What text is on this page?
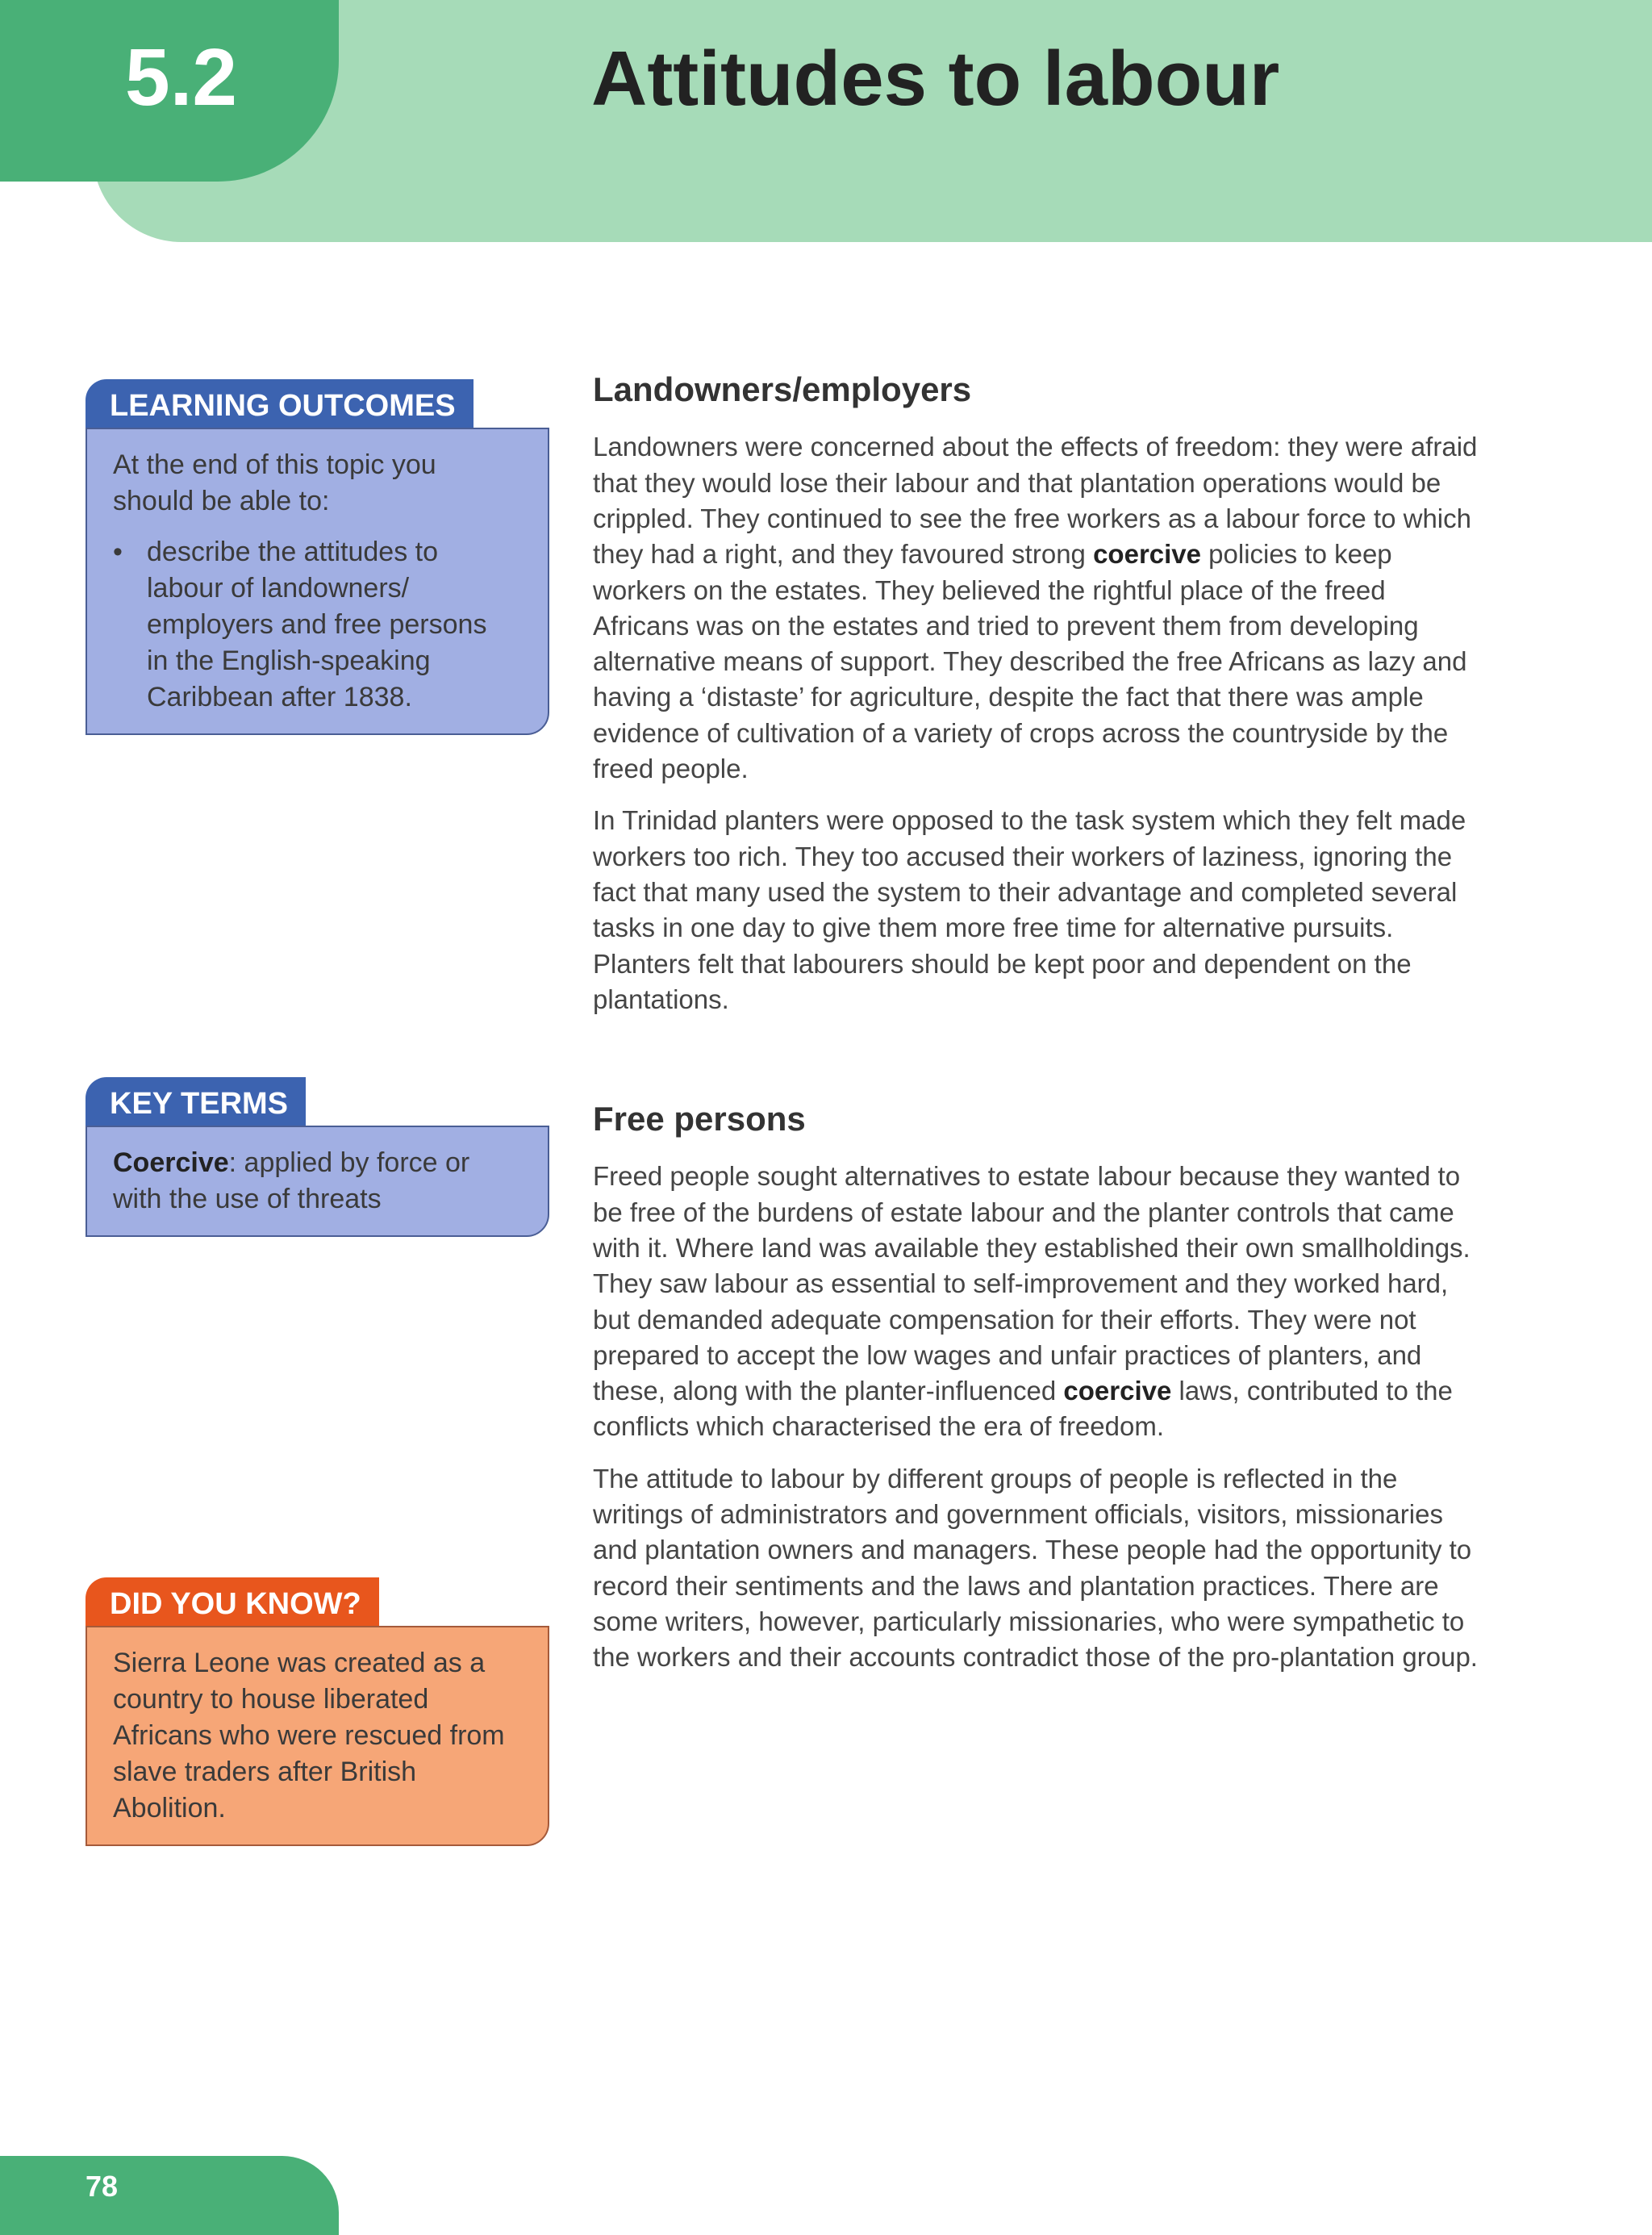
5.2	Attitudes to labour
LEARNING OUTCOMES

At the end of this topic you should be able to:

• describe the attitudes to labour of landowners/ employers and free persons in the English-speaking Caribbean after 1838.
KEY TERMS

Coercive: applied by force or with the use of threats

DID YOU KNOW?

Sierra Leone was created as a country to house liberated Africans who were rescued from slave traders after British Abolition.

Landowners/employers

Landowners were concerned about the effects of freedom: they were afraid that they would lose their labour and that plantation operations would be crippled. They continued to see the free workers as a labour force to which they had a right, and they favoured strong coercive policies to keep workers on the estates. They believed the rightful place of the freed Africans was on the estates and tried to prevent them from developing alternative means of support. They described the free Africans as lazy and having a ‘distaste’ for agriculture, despite the fact that there was ample evidence of cultivation of a variety of crops across the countryside by the freed people.

In Trinidad planters were opposed to the task system which they felt made workers too rich. They too accused their workers of laziness, ignoring the fact that many used the system to their advantage and completed several tasks in one day to give them more free time for alternative pursuits. Planters felt that labourers should be kept poor and dependent on the plantations.

Free persons

Freed people sought alternatives to estate labour because they wanted to be free of the burdens of estate labour and the planter controls that came with it. Where land was available they established their own smallholdings. They saw labour as essential to self-improvement and they worked hard, but demanded adequate compensation for their efforts. They were not prepared to accept the low wages and unfair practices of planters, and these, along with the planter-influenced coercive laws, contributed to the conflicts which characterised the era of freedom.

The attitude to labour by different groups of people is reflected in the writings of administrators and government officials, visitors, missionaries and plantation owners and managers. These people had the opportunity to record their sentiments and the laws and plantation practices. There are some writers, however, particularly missionaries, who were sympathetic to the workers and their accounts contradict those of the pro-plantation group.

78
